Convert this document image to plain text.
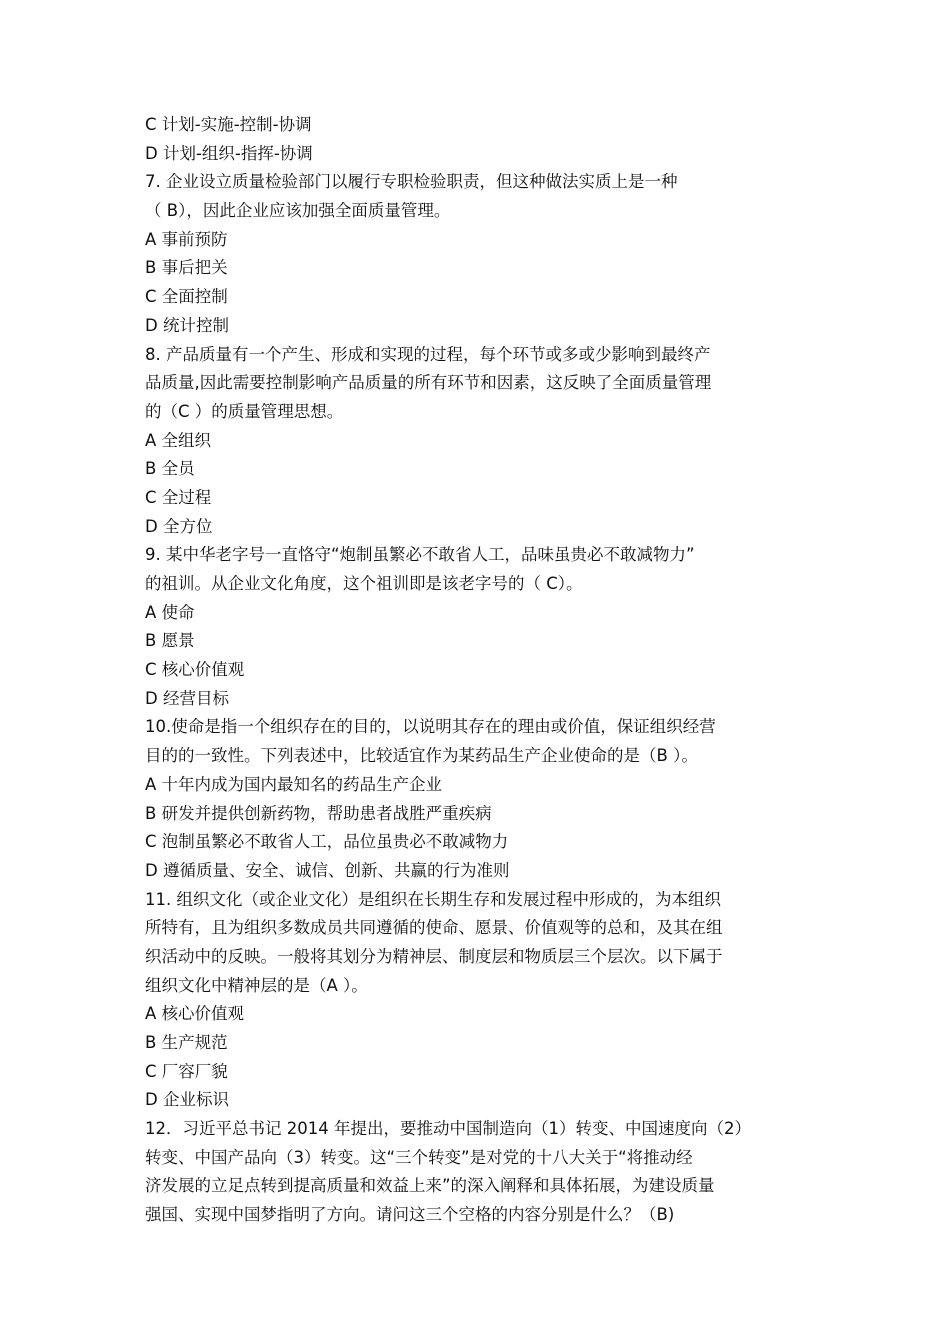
C 计划-实施-控制-协调
D 计划-组织-指挥-协调
7. 企业设立质量检验部门以履行专职检验职责，但这种做法实质上是一种
（ B），因此企业应该加强全面质量管理。
A 事前预防
B 事后把关
C 全面控制
D 统计控制
8. 产品质量有一个产生、形成和实现的过程，每个环节或多或少影响到最终产
品质量,因此需要控制影响产品质量的所有环节和因素，这反映了全面质量管理
的（C ）的质量管理思想。
A 全组织
B 全员
C 全过程
D 全方位
9. 某中华老字号一直恪守“炮制虽繁必不敢省人工，品味虽贵必不敢减物力”
的祖训。从企业文化角度，这个祖训即是该老字号的（ C）。
A 使命
B 愿景
C 核心价值观
D 经营目标
10.使命是指一个组织存在的目的，以说明其存在的理由或价值，保证组织经营
目的的一致性。下列表述中，比较适宜作为某药品生产企业使命的是（B ）。
A 十年内成为国内最知名的药品生产企业
B 研发并提供创新药物，帮助患者战胜严重疾病
C 泡制虽繁必不敢省人工，品位虽贵必不敢减物力
D 遵循质量、安全、诚信、创新、共赢的行为准则
11. 组织文化（或企业文化）是组织在长期生存和发展过程中形成的，为本组织
所特有，且为组织多数成员共同遵循的使命、愿景、价值观等的总和，及其在组
织活动中的反映。一般将其划分为精神层、制度层和物质层三个层次。以下属于
组织文化中精神层的是（A ）。
A 核心价值观
B 生产规范
C 厂容厂貌
D 企业标识
12．习近平总书记 2014 年提出，要推动中国制造向（1）转变、中国速度向（2）
转变、中国产品向（3）转变。这“三个转变”是对党的十八大关于“将推动经
济发展的立足点转到提高质量和效益上来”的深入阐释和具体拓展，为建设质量
强国、实现中国梦指明了方向。请问这三个空格的内容分别是什么？（B)
